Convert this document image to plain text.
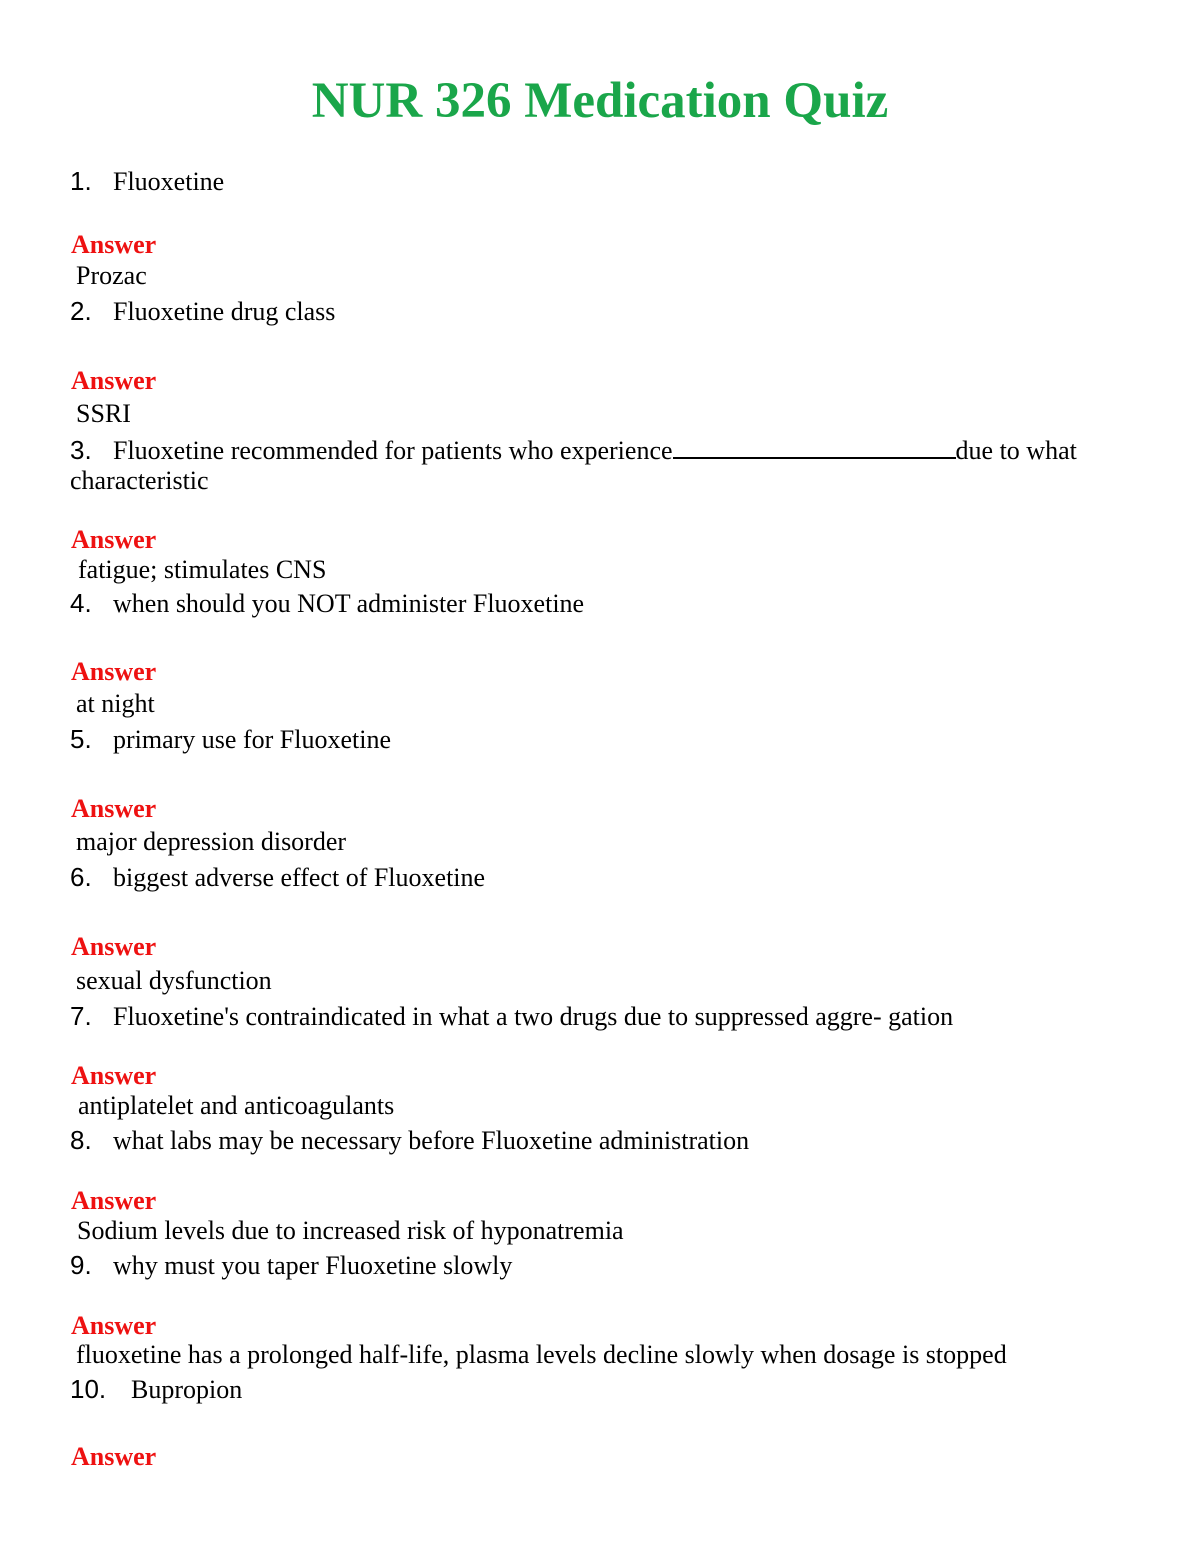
NUR 326 Medication Quiz

1. Fluoxetine

Answer

Prozac

2. Fluoxetine drug class

Answer

SSRI

3. Fluoxetine recommended for patients who experience	due to what
characteristic

Answer

fatigue; stimulates CNS

4. when should you NOT administer Fluoxetine

Answer

at night

5. primary use for Fluoxetine

Answer

major depression disorder

6. biggest adverse effect of Fluoxetine

Answer

sexual dysfunction

7. Fluoxetine's contraindicated in what a two drugs due to suppressed aggre- gation

Answer

antiplatelet and anticoagulants

8. what labs may be necessary before Fluoxetine administration

Answer

Sodium levels due to increased risk of hyponatremia

9. why must you taper Fluoxetine slowly

Answer

fluoxetine has a prolonged half-life, plasma levels decline slowly when dosage is stopped

10. Bupropion

Answer
